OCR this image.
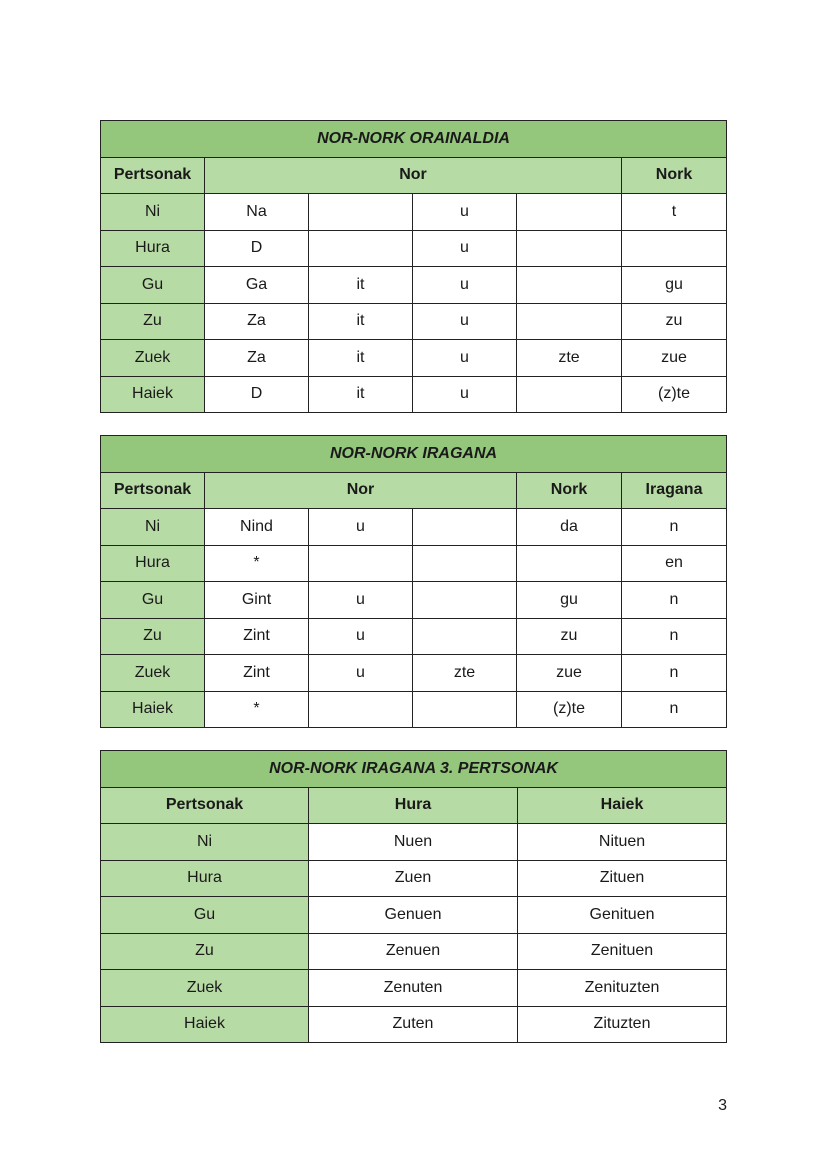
NOR-NORK ORAINALDIA					
Pertsonak	Nor				Nork
Ni	Na		u		t
Hura	D		u		
Gu	Ga	it	u		gu
Zu	Za	it	u		zu
Zuek	Za	it	u	zte	zue
Haiek	D	it	u		(z)te
NOR-NORK IRAGANA					
Pertsonak	Nor			Nork	Iragana
Ni	Nind	u		da	n
Hura	*				en
Gu	Gint	u		gu	n
Zu	Zint	u		zu	n
Zuek	Zint	u	zte	zue	n
Haiek	*			(z)te	n
NOR-NORK IRAGANA 3. PERTSONAK		
Pertsonak	Hura	Haiek
Ni	Nuen	Nituen
Hura	Zuen	Zituen
Gu	Genuen	Genituen
Zu	Zenuen	Zenituen
Zuek	Zenuten	Zenituzten
Haiek	Zuten	Zituzten
3
